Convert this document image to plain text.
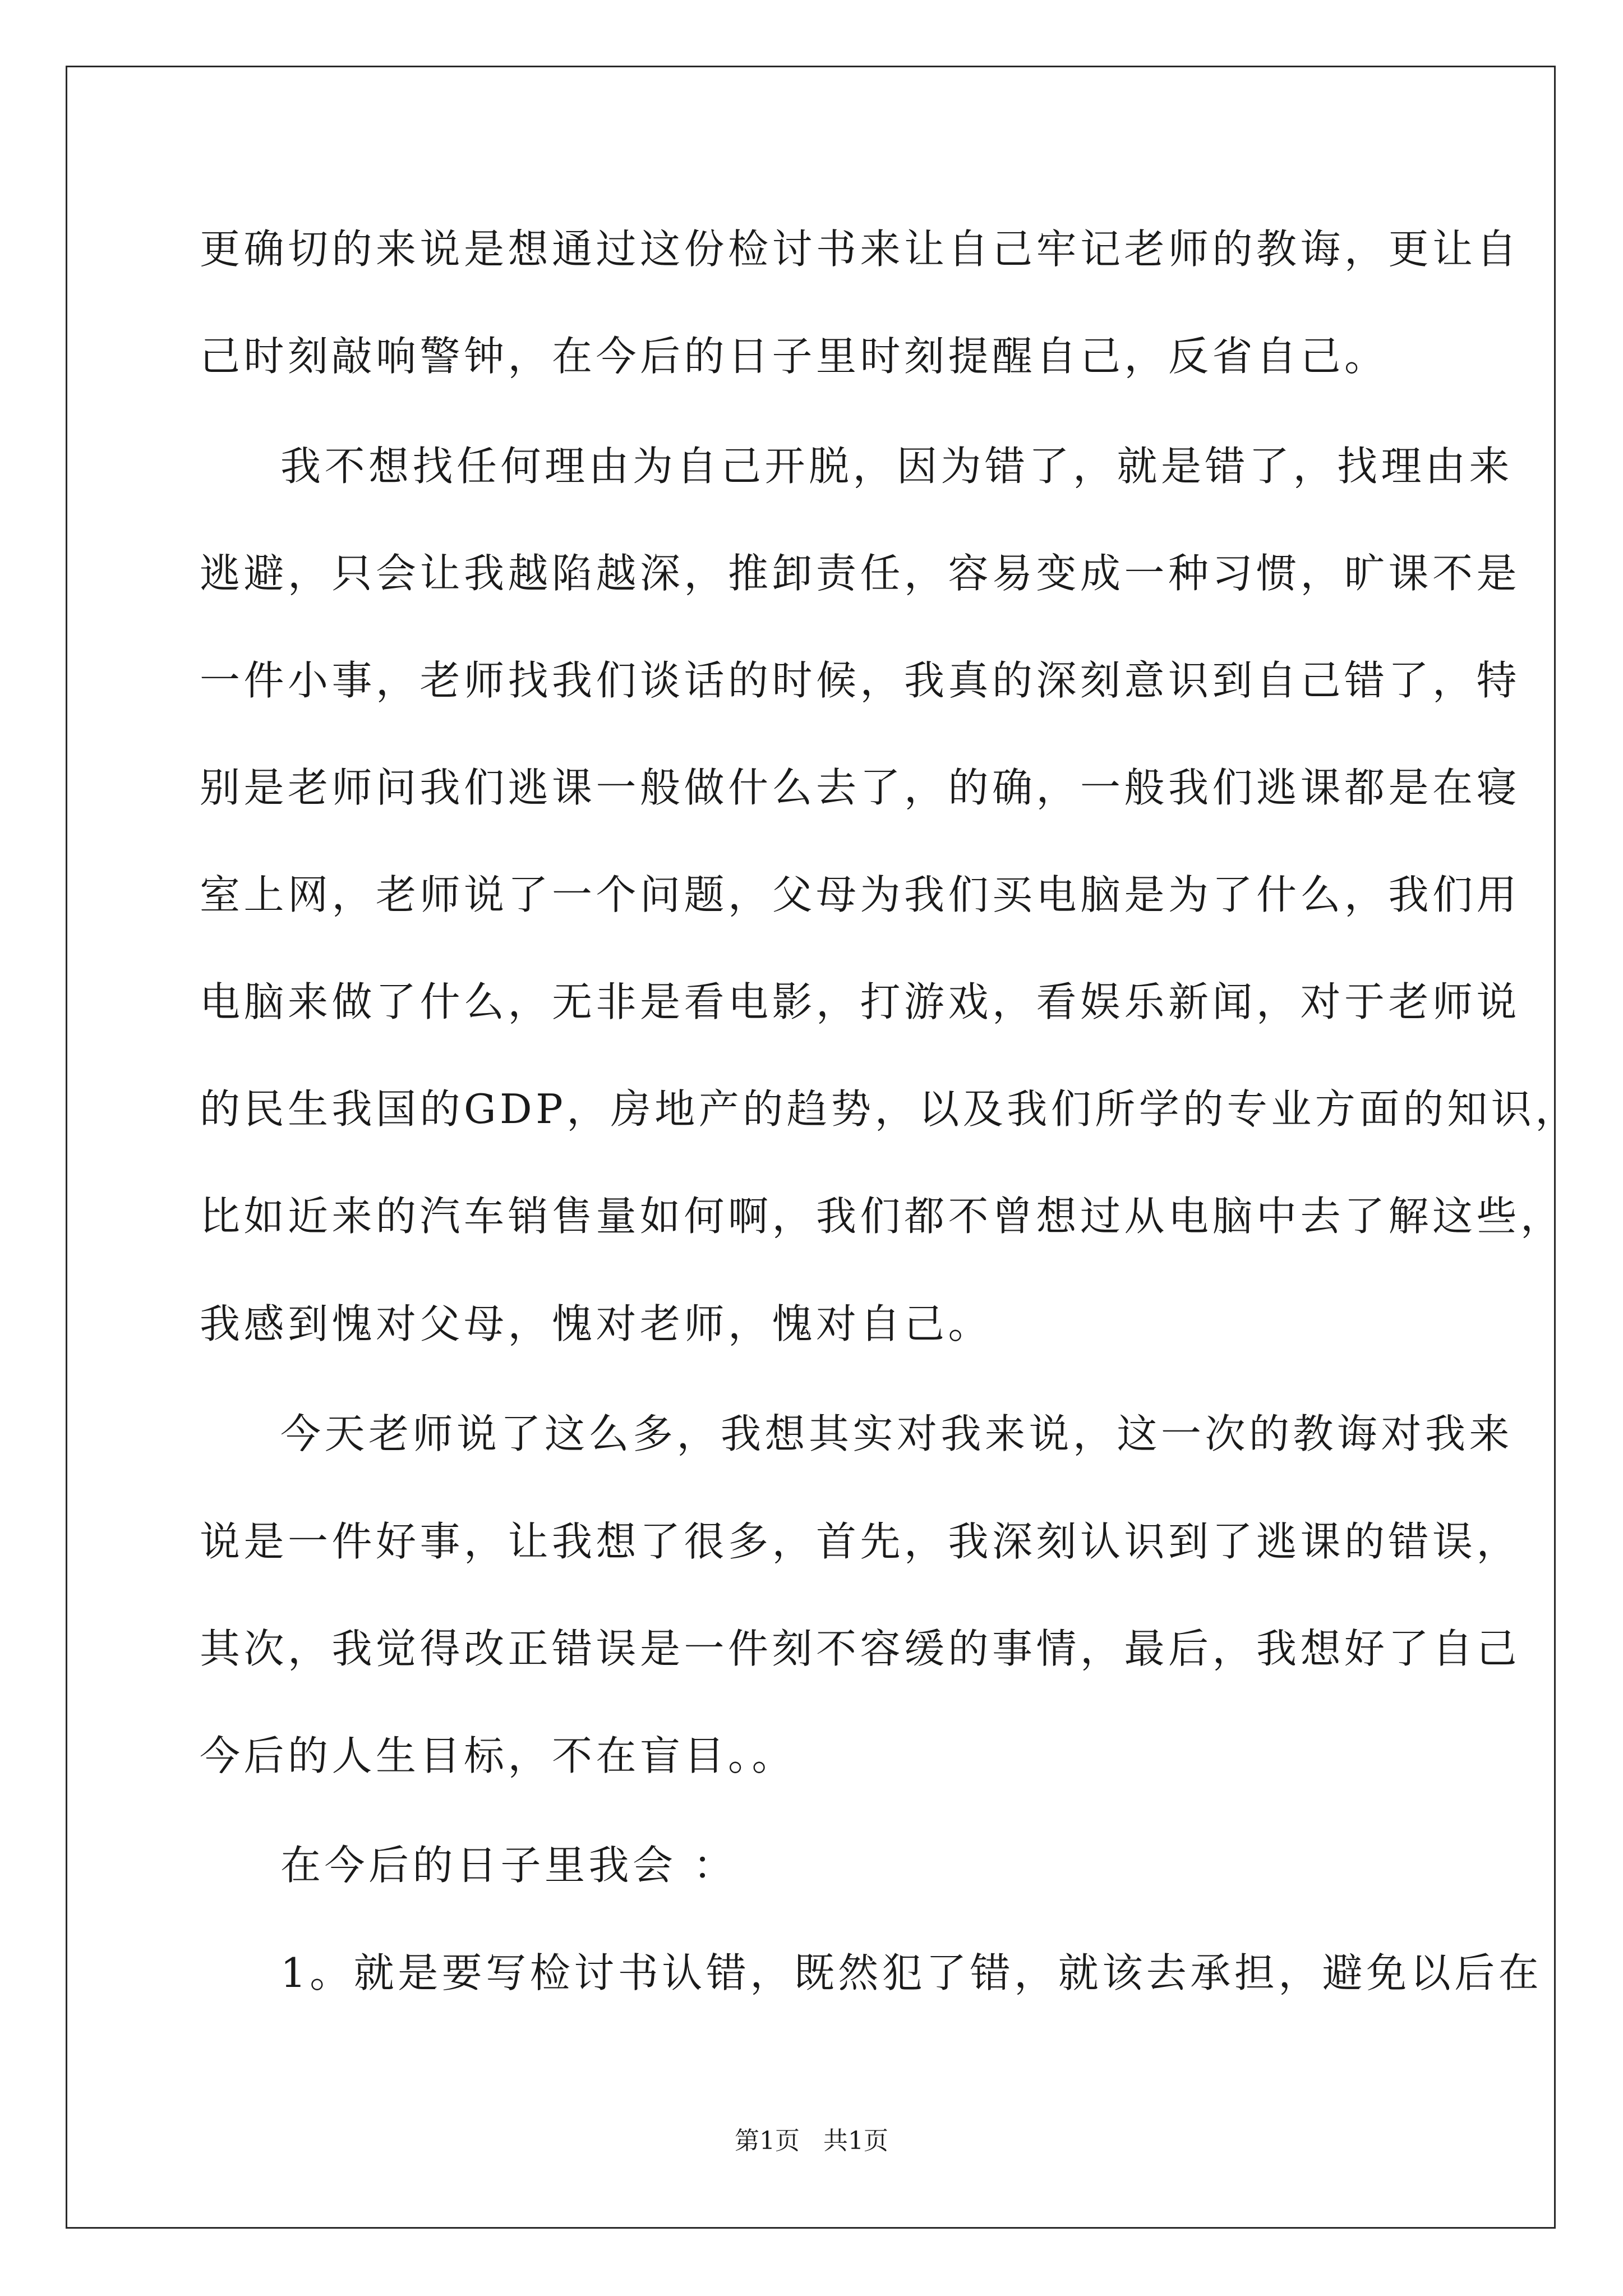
更确切的来说是想通过这份检讨书来让自己牢记老师的教诲，更让自

己时刻敲响警钟，在今后的日子里时刻提醒自己，反省自己。

我不想找任何理由为自己开脱，因为错了，就是错了，找理由来

逃避，只会让我越陷越深，推卸责任，容易变成一种习惯，旷课不是

一件小事，老师找我们谈话的时候，我真的深刻意识到自己错了，特

别是老师问我们逃课一般做什么去了，的确，一般我们逃课都是在寝

室上网，老师说了一个问题，父母为我们买电脑是为了什么，我们用

电脑来做了什么，无非是看电影，打游戏，看娱乐新闻，对于老师说

的民生我国的GDP，房地产的趋势，以及我们所学的专业方面的知识，

比如近来的汽车销售量如何啊，我们都不曾想过从电脑中去了解这些，

我感到愧对父母，愧对老师，愧对自己。

今天老师说了这么多，我想其实对我来说，这一次的教诲对我来

说是一件好事，让我想了很多，首先，我深刻认识到了逃课的错误，

其次，我觉得改正错误是一件刻不容缓的事情，最后，我想好了自己

今后的人生目标，不在盲目。。

在今后的日子里我会 ：

1。就是要写检讨书认错，既然犯了错，就该去承担，避免以后在

第1页   共1页
